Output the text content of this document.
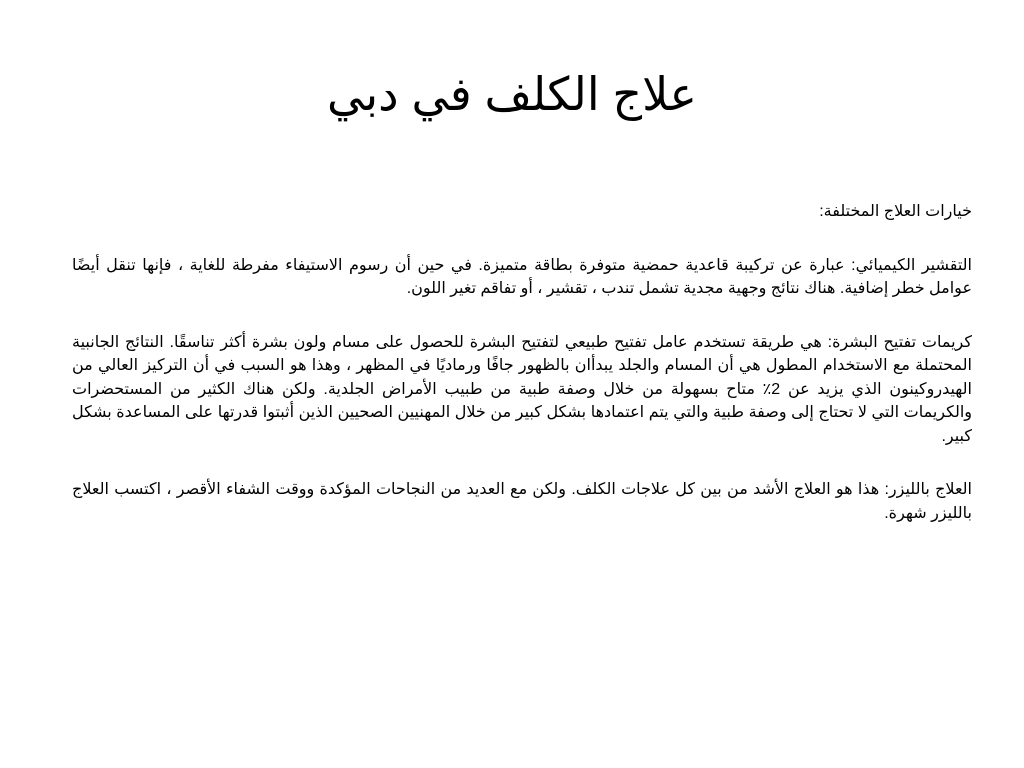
علاج الكلف في دبي

خيارات العلاج المختلفة:

التقشير الكيميائي: عبارة عن تركيبة قاعدية حمضية متوفرة بطاقة متميزة. في حين أن رسوم الاستيفاء مفرطة للغاية ، فإنها تنقل أيضًا عوامل خطر إضافية. هناك نتائج وجهية مجدية تشمل تندب ، تقشير ، أو تفاقم تغير اللون.

كريمات تفتيح البشرة: هي طريقة تستخدم عامل تفتيح طبيعي لتفتيح البشرة للحصول على مسام ولون بشرة أكثر تناسقًا. النتائج الجانبية المحتملة مع الاستخدام المطول هي أن المسام والجلد يبدأان بالظهور جافًا ورماديًا في المظهر ، وهذا هو السبب في أن التركيز العالي من الهيدروكينون الذي يزيد عن 2٪ متاح بسهولة من خلال وصفة طبية من طبيب الأمراض الجلدية. ولكن هناك الكثير من المستحضرات والكريمات التي لا تحتاج إلى وصفة طبية والتي يتم اعتمادها بشكل كبير من خلال المهنيين الصحيين الذين أثبتوا قدرتها على المساعدة بشكل كبير.

العلاج بالليزر: هذا هو العلاج الأشد من بين كل علاجات الكلف. ولكن مع العديد من النجاحات المؤكدة ووقت الشفاء الأقصر ، اكتسب العلاج بالليزر شهرة.
